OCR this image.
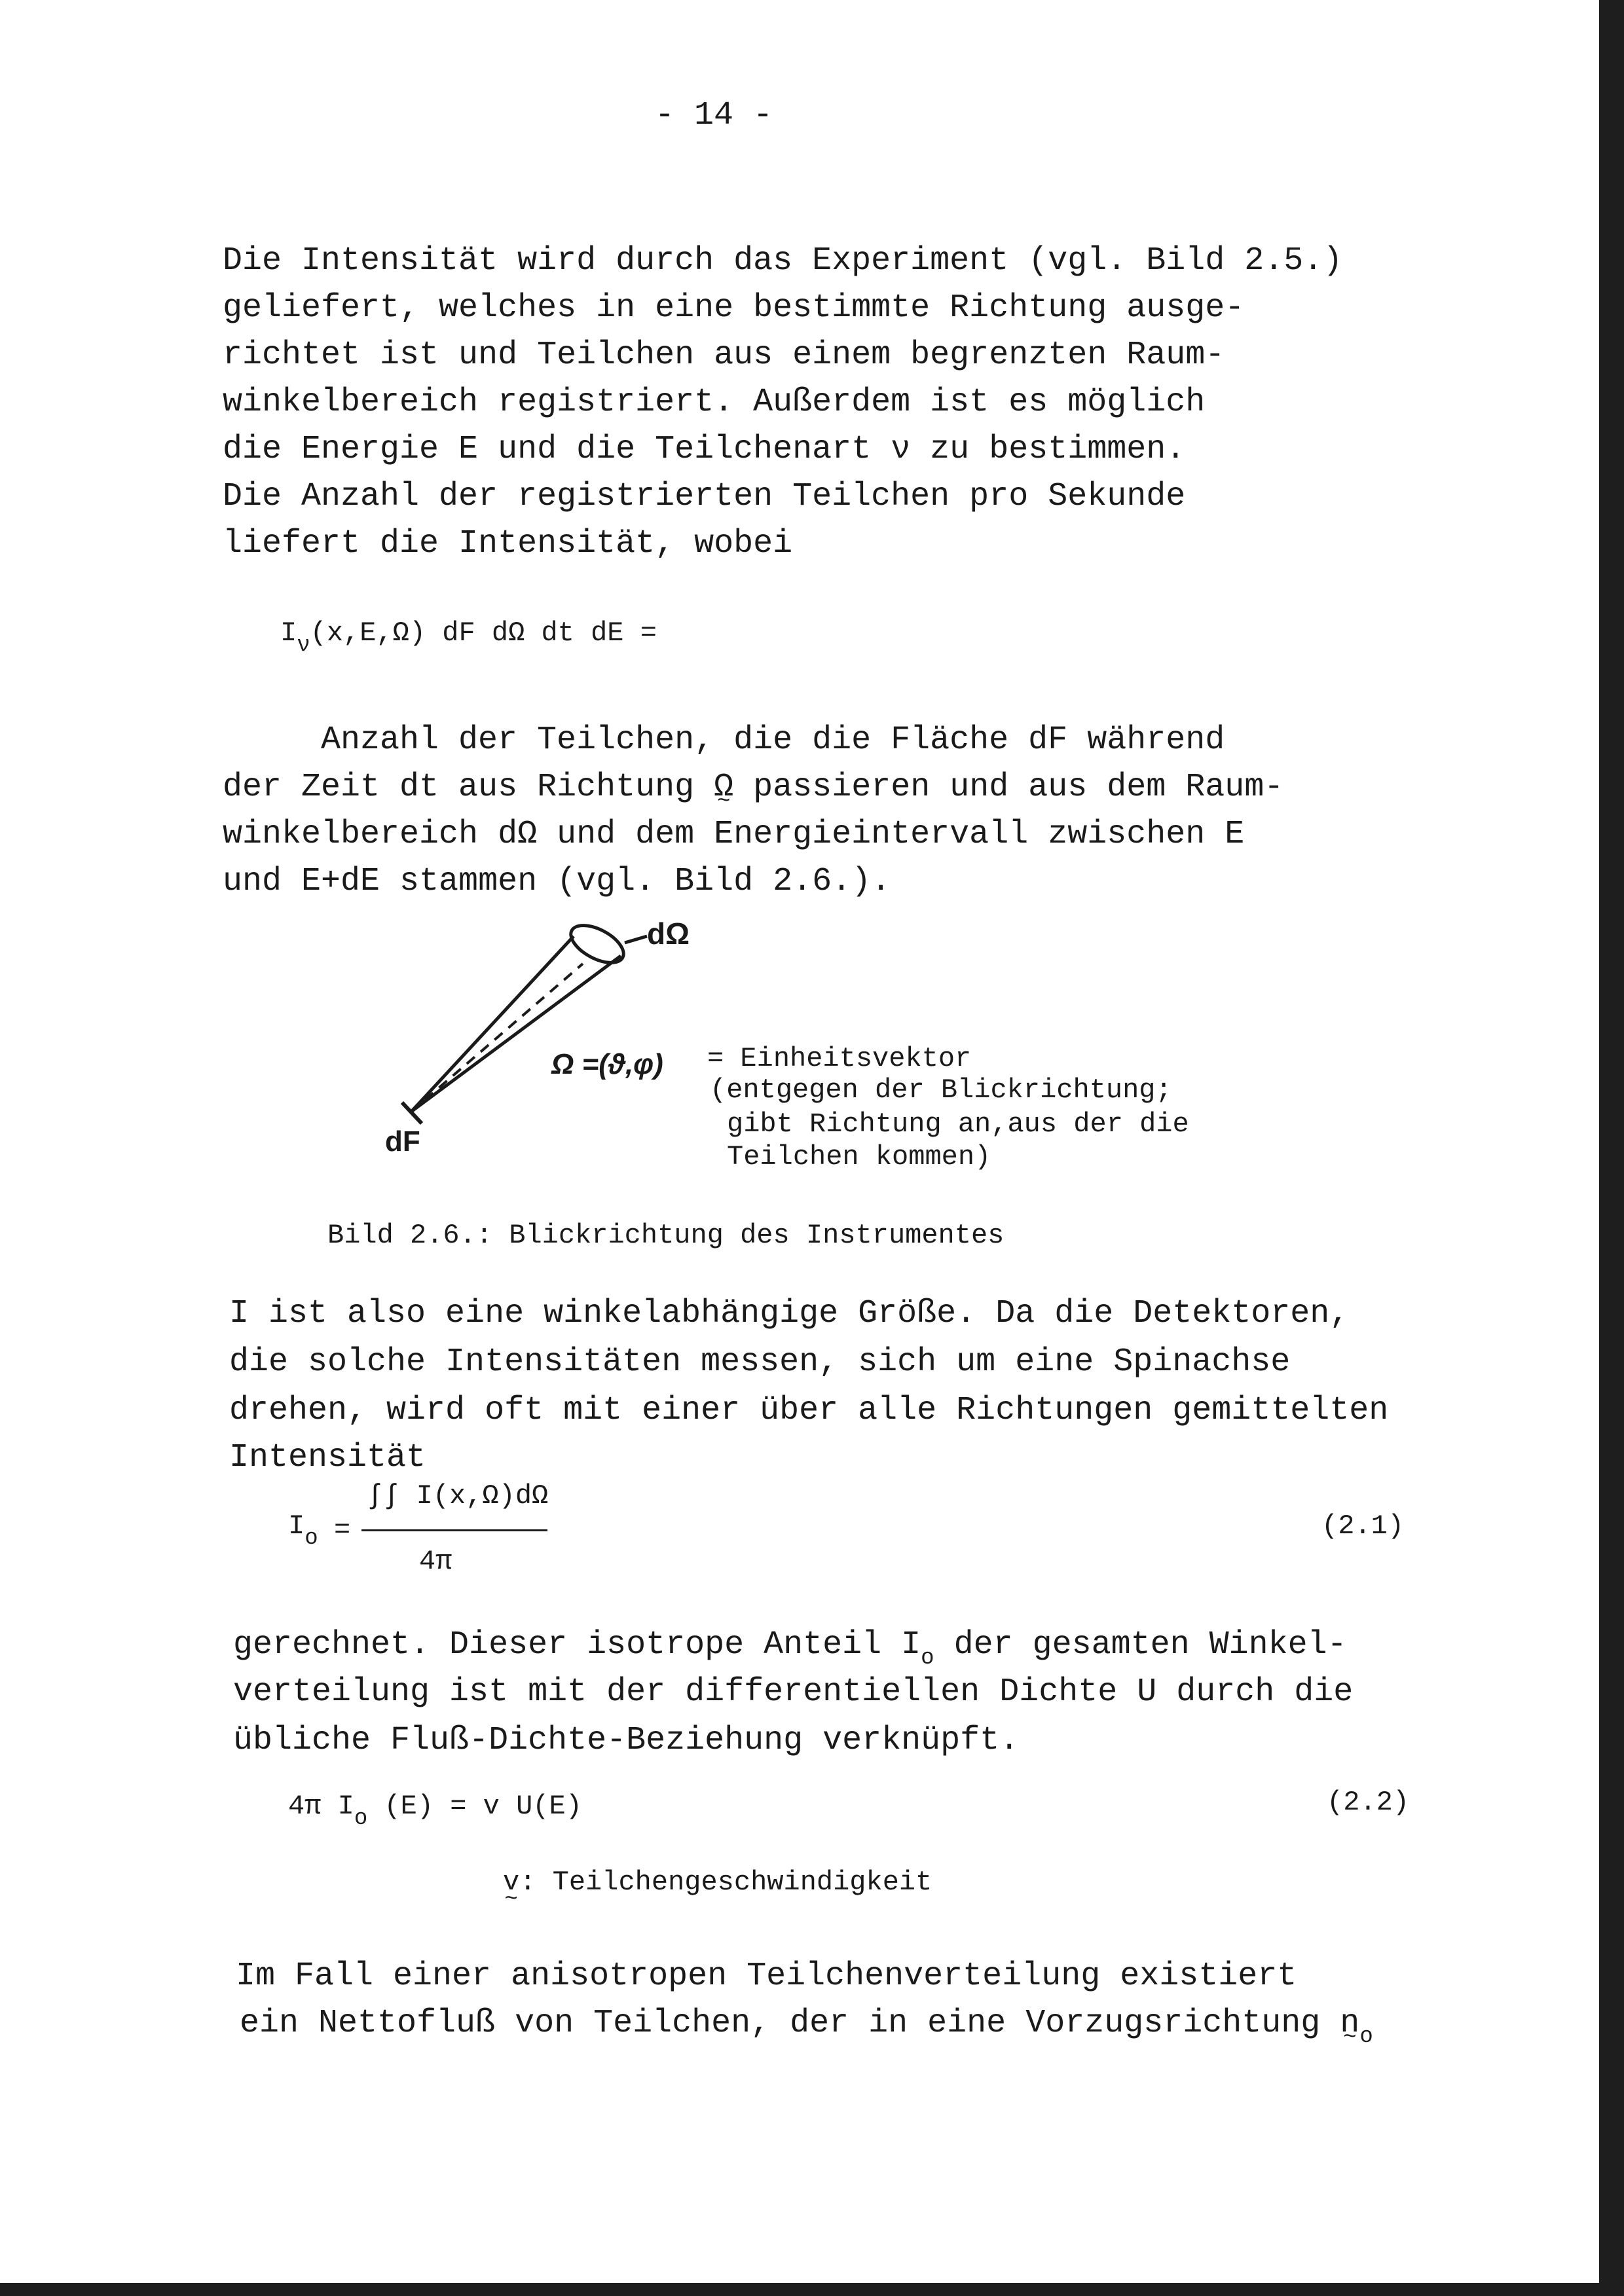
- 14 -
Die Intensität wird durch das Experiment (vgl. Bild 2.5.)
geliefert, welches in eine bestimmte Richtung ausge-
richtet ist und Teilchen aus einem begrenzten Raum-
winkelbereich registriert. Außerdem ist es möglich
die Energie E und die Teilchenart ν zu bestimmen.
Die Anzahl der registrierten Teilchen pro Sekunde
liefert die Intensität, wobei
$I_\nu(x,E,\Omega)$ dF dΩ dt dE =
Anzahl der Teilchen, die die Fläche dF während
der Zeit dt aus Richtung Ω ~ passieren und aus dem Raum-
winkelbereich dΩ und dem Energieintervall zwischen E
und E+dE stammen (vgl. Bild 2.6.).
dΩ
dF
Ω =(ϑ,φ) = Einheitsvektor
(entgegen der Blickrichtung;
gibt Richtung an,aus der die
Teilchen kommen)
Bild 2.6.: Blickrichtung des Instrumentes
I ist also eine winkelabhängige Größe. Da die Detektoren,
die solche Intensitäten messen, sich um eine Spinachse
drehen, wird oft mit einer über alle Richtungen gemittelten
Intensität
$I_o$ =
∫∫ I(x,Ω)dΩ
4π
(2.1)
gerechnet. Dieser isotrope Anteil $I_o$ der gesamten Winkel-
verteilung ist mit der differentiellen Dichte U durch die
übliche Fluß-Dichte-Beziehung verknüpft.
4π $I_o$ (E) = v U(E)	(2.2)
v ~: Teilchengeschwindigkeit
Im Fall einer anisotropen Teilchenverteilung existiert
ein Nettofluß von Teilchen, der in eine Vorzugsrichtung n $\sim_o$
